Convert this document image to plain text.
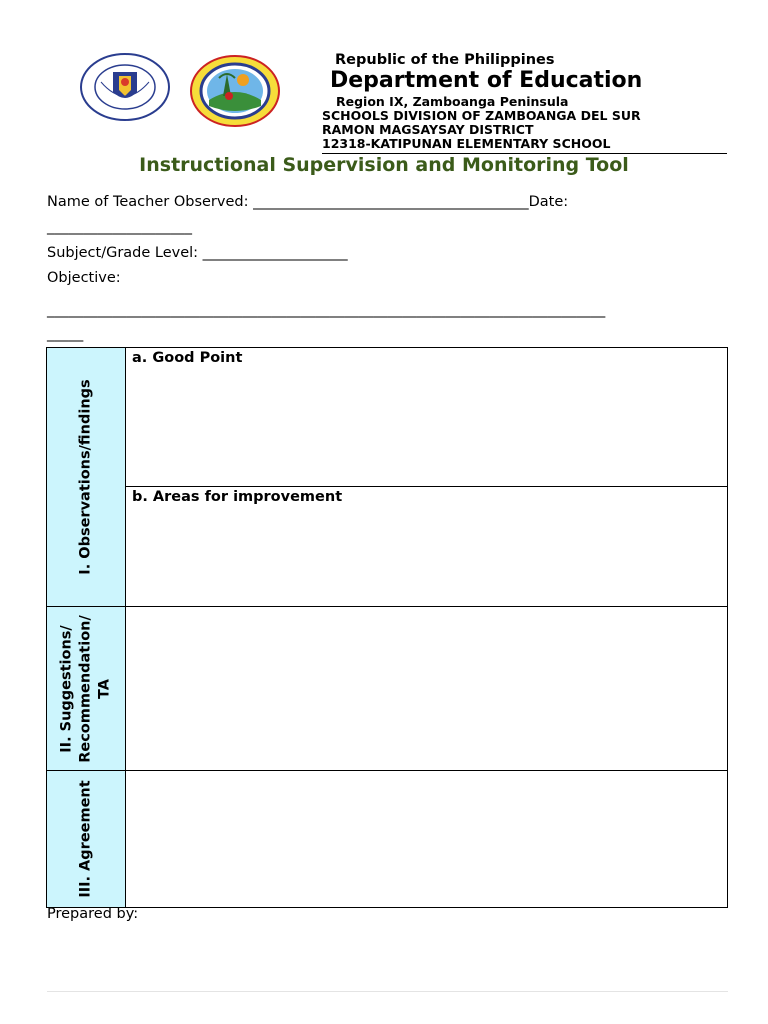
Republic of the Philippines
Department of Education
Region IX, Zamboanga Peninsula
SCHOOLS DIVISION OF ZAMBOANGA DEL SUR
RAMON MAGSAYSAY DISTRICT
12318-KATIPUNAN ELEMENTARY SCHOOL
Instructional Supervision and Monitoring Tool
Name of Teacher Observed: ______________________________________Date:
____________________
Subject/Grade Level: ____________________
Objective:
_____________________________________________________________________________
_____
I. Observations/findings	a. Good Point

	b. Areas for improvement

II. Suggestions/ Recommendation/ TA	

III. Agreement	

Prepared by:
